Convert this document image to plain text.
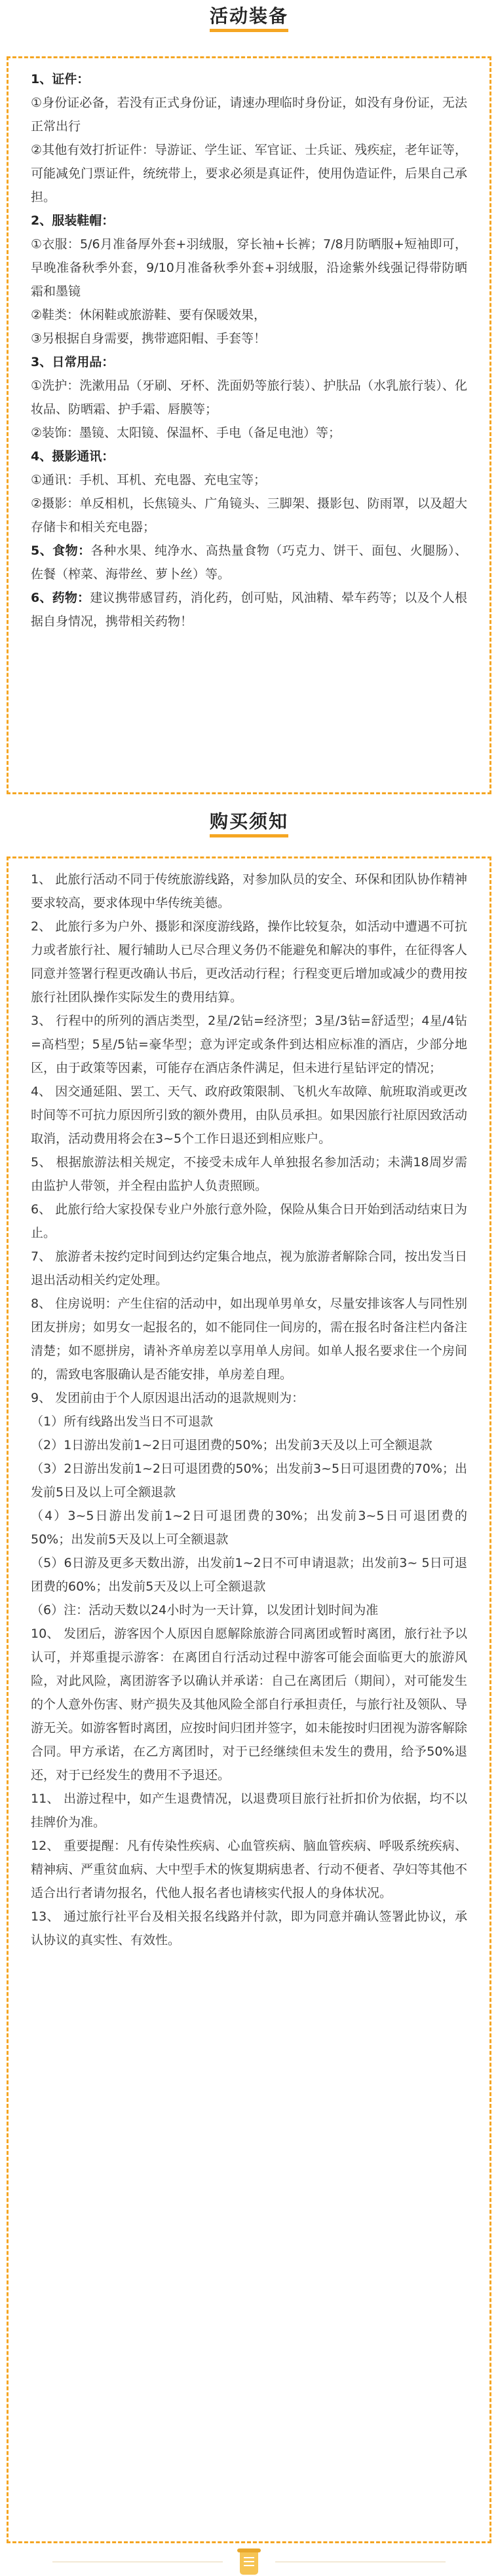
活动装备
1、证件：
①身份证必备，若没有正式身份证，请速办理临时身份证，如没有身份证，无法正常出行
②其他有效打折证件：导游证、学生证、军官证、士兵证、残疾症，老年证等，可能减免门票证件，统统带上，要求必须是真证件，使用伪造证件，后果自己承担。
2、服装鞋帽：
①衣服：5/6月准备厚外套+羽绒服，穿长袖+长裤；7/8月防晒服+短袖即可，早晚准备秋季外套，9/10月准备秋季外套+羽绒服，沿途紫外线强记得带防晒霜和墨镜
②鞋类：休闲鞋或旅游鞋、要有保暖效果，
③另根据自身需要，携带遮阳帽、手套等！
3、日常用品：
①洗护：洗漱用品（牙刷、牙杯、洗面奶等旅行装）、护肤品（水乳旅行装）、化妆品、防晒霜、护手霜、唇膜等；
②装饰：墨镜、太阳镜、保温杯、手电（备足电池）等；
4、摄影通讯：
①通讯：手机、耳机、充电器、充电宝等；
②摄影：单反相机，长焦镜头、广角镜头、三脚架、摄影包、防雨罩，以及超大存储卡和相关充电器；
5、食物：各种水果、纯净水、高热量食物（巧克力、饼干、面包、火腿肠）、佐餐（榨菜、海带丝、萝卜丝）等。
6、药物：建议携带感冒药，消化药，创可贴，风油精、晕车药等；以及个人根据自身情况，携带相关药物！
购买须知
1、 此旅行活动不同于传统旅游线路，对参加队员的安全、环保和团队协作精神要求较高，要求体现中华传统美德。
2、 此旅行多为户外、摄影和深度游线路，操作比较复杂，如活动中遭遇不可抗力或者旅行社、履行辅助人已尽合理义务仍不能避免和解决的事件，在征得客人同意并签署行程更改确认书后，更改活动行程；行程变更后增加或减少的费用按旅行社团队操作实际发生的费用结算。
3、 行程中的所列的酒店类型，2星/2钻=经济型；3星/3钻=舒适型；4星/4钻=高档型；5星/5钻=豪华型；意为评定或条件到达相应标准的酒店，少部分地区，由于政策等因素，可能存在酒店条件满足，但未进行星钻评定的情况；
4、 因交通延阻、罢工、天气、政府政策限制、飞机火车故障、航班取消或更改时间等不可抗力原因所引致的额外费用，由队员承担。如果因旅行社原因致活动取消，活动费用将会在3~5个工作日退还到相应账户。
5、 根据旅游法相关规定，不接受未成年人单独报名参加活动；未满18周岁需由监护人带领，并全程由监护人负责照顾。
6、 此旅行给大家投保专业户外旅行意外险，保险从集合日开始到活动结束日为止。
7、 旅游者未按约定时间到达约定集合地点，视为旅游者解除合同，按出发当日退出活动相关约定处理。
8、 住房说明：产生住宿的活动中，如出现单男单女，尽量安排该客人与同性别团友拼房；如男女一起报名的，如不能同住一间房的，需在报名时备注栏内备注清楚；如不愿拼房，请补齐单房差以享用单人房间。如单人报名要求住一个房间的，需致电客服确认是否能安排，单房差自理。
9、 发团前由于个人原因退出活动的退款规则为：
（1）所有线路出发当日不可退款
（2）1日游出发前1~2日可退团费的50%；出发前3天及以上可全额退款
（3）2日游出发前1~2日可退团费的50%；出发前3~5日可退团费的70%；出发前5日及以上可全额退款
（4）3~5日游出发前1~2日可退团费的30%；出发前3~5日可退团费的50%；出发前5天及以上可全额退款
（5）6日游及更多天数出游，出发前1~2日不可申请退款；出发前3~ 5日可退团费的60%；出发前5天及以上可全额退款
（6）注：活动天数以24小时为一天计算，以发团计划时间为准
10、 发团后，游客因个人原因自愿解除旅游合同离团或暂时离团，旅行社予以认可，并郑重提示游客：在离团自行活动过程中游客可能会面临更大的旅游风险，对此风险，离团游客予以确认并承诺：自己在离团后（期间），对可能发生的个人意外伤害、财产损失及其他风险全部自行承担责任，与旅行社及领队、导游无关。如游客暂时离团，应按时间归团并签字，如未能按时归团视为游客解除合同。甲方承诺，在乙方离团时，对于已经继续但未发生的费用，给予50%退还，对于已经发生的费用不予退还。
11、 出游过程中，如产生退费情况，以退费项目旅行社折扣价为依据，均不以挂牌价为准。
12、 重要提醒：凡有传染性疾病、心血管疾病、脑血管疾病、呼吸系统疾病、精神病、严重贫血病、大中型手术的恢复期病患者、行动不便者、孕妇等其他不适合出行者请勿报名，代他人报名者也请核实代报人的身体状况。
13、 通过旅行社平台及相关报名线路并付款，即为同意并确认签署此协议，承认协议的真实性、有效性。
